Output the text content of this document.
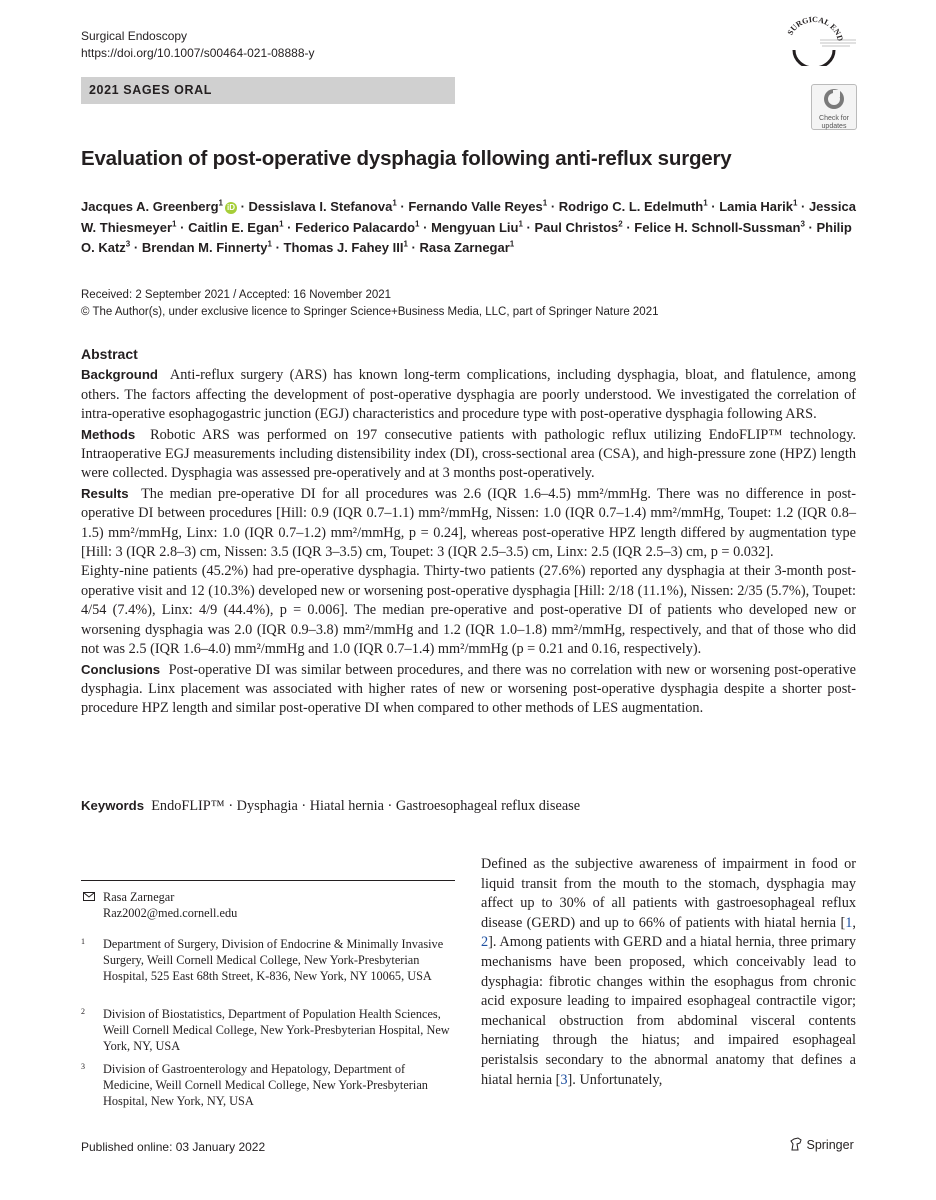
Surgical Endoscopy
https://doi.org/10.1007/s00464-021-08888-y
SURGICAL END
2021 SAGES ORAL
Check for updates
Evaluation of post-operative dysphagia following anti-reflux surgery
Jacques A. Greenberg$^1$ iD · Dessislava I. Stefanova$^1$ · Fernando Valle Reyes$^1$ · Rodrigo C. L. Edelmuth$^1$ · Lamia Harik$^1$ · Jessica W. Thiesmeyer$^1$ · Caitlin E. Egan$^1$ · Federico Palacardo$^1$ · Mengyuan Liu$^1$ · Paul Christos$^2$ · Felice H. Schnoll-Sussman$^3$ · Philip O. Katz$^3$ · Brendan M. Finnerty$^1$ · Thomas J. Fahey $III^1$ · Rasa Zarnegar$^1$
Received: 2 September 2021 / Accepted: 16 November 2021
© The Author(s), under exclusive licence to Springer Science+Business Media, LLC, part of Springer Nature 2021
Abstract

Background Anti-reflux surgery (ARS) has known long-term complications, including dysphagia, bloat, and flatulence, among others. The factors affecting the development of post-operative dysphagia are poorly understood. We investigated the correlation of intra-operative esophagogastric junction (EGJ) characteristics and procedure type with post-operative dysphagia following ARS.

Methods Robotic ARS was performed on 197 consecutive patients with pathologic reflux utilizing EndoFLIP™ technology. Intraoperative EGJ measurements including distensibility index (DI), cross-sectional area (CSA), and high-pressure zone (HPZ) length were collected. Dysphagia was assessed pre-operatively and at 3 months post-operatively.

Results The median pre-operative DI for all procedures was 2.6 (IQR 1.6–4.5) mm²/mmHg. There was no difference in post-operative DI between procedures [Hill: 0.9 (IQR 0.7–1.1) mm²/mmHg, Nissen: 1.0 (IQR 0.7–1.4) mm²/mmHg, Toupet: 1.2 (IQR 0.8–1.5) mm²/mmHg, Linx: 1.0 (IQR 0.7–1.2) mm²/mmHg, p = 0.24], whereas post-operative HPZ length differed by augmentation type [Hill: 3 (IQR 2.8–3) cm, Nissen: 3.5 (IQR 3–3.5) cm, Toupet: 3 (IQR 2.5–3.5) cm, Linx: 2.5 (IQR 2.5–3) cm, p = 0.032].

Eighty-nine patients (45.2%) had pre-operative dysphagia. Thirty-two patients (27.6%) reported any dysphagia at their 3-month post-operative visit and 12 (10.3%) developed new or worsening post-operative dysphagia [Hill: 2/18 (11.1%), Nissen: 2/35 (5.7%), Toupet: 4/54 (7.4%), Linx: 4/9 (44.4%), p = 0.006]. The median pre-operative and post-operative DI of patients who developed new or worsening dysphagia was 2.0 (IQR 0.9–3.8) mm²/mmHg and 1.2 (IQR 1.0–1.8) mm²/mmHg, respectively, and that of those who did not was 2.5 (IQR 1.6–4.0) mm²/mmHg and 1.0 (IQR 0.7–1.4) mm²/mmHg (p = 0.21 and 0.16, respectively).

Conclusions Post-operative DI was similar between procedures, and there was no correlation with new or worsening post-operative dysphagia. Linx placement was associated with higher rates of new or worsening post-operative dysphagia despite a shorter post-procedure HPZ length and similar post-operative DI when compared to other methods of LES augmentation.

Keywords EndoFLIP™ · Dysphagia · Hiatal hernia · Gastroesophageal reflux disease
Rasa Zarnegar
Raz2002@med.cornell.edu
1 Department of Surgery, Division of Endocrine & Minimally Invasive Surgery, Weill Cornell Medical College, New York-Presbyterian Hospital, 525 East 68th Street, K-836, New York, NY 10065, USA
2 Division of Biostatistics, Department of Population Health Sciences, Weill Cornell Medical College, New York-Presbyterian Hospital, New York, NY, USA
3 Division of Gastroenterology and Hepatology, Department of Medicine, Weill Cornell Medical College, New York-Presbyterian Hospital, New York, NY, USA
Defined as the subjective awareness of impairment in food or liquid transit from the mouth to the stomach, dysphagia may affect up to 30% of all patients with gastroesophageal reflux disease (GERD) and up to 66% of patients with hiatal hernia [1, 2]. Among patients with GERD and a hiatal hernia, three primary mechanisms have been proposed, which conceivably lead to dysphagia: fibrotic changes within the esophagus from chronic acid exposure leading to impaired esophageal contractile vigor; mechanical obstruction from abdominal visceral contents herniating through the hiatus; and impaired esophageal peristalsis secondary to the abnormal anatomy that defines a hiatal hernia [3]. Unfortunately,
Published online: 03 January 2022	Springer
